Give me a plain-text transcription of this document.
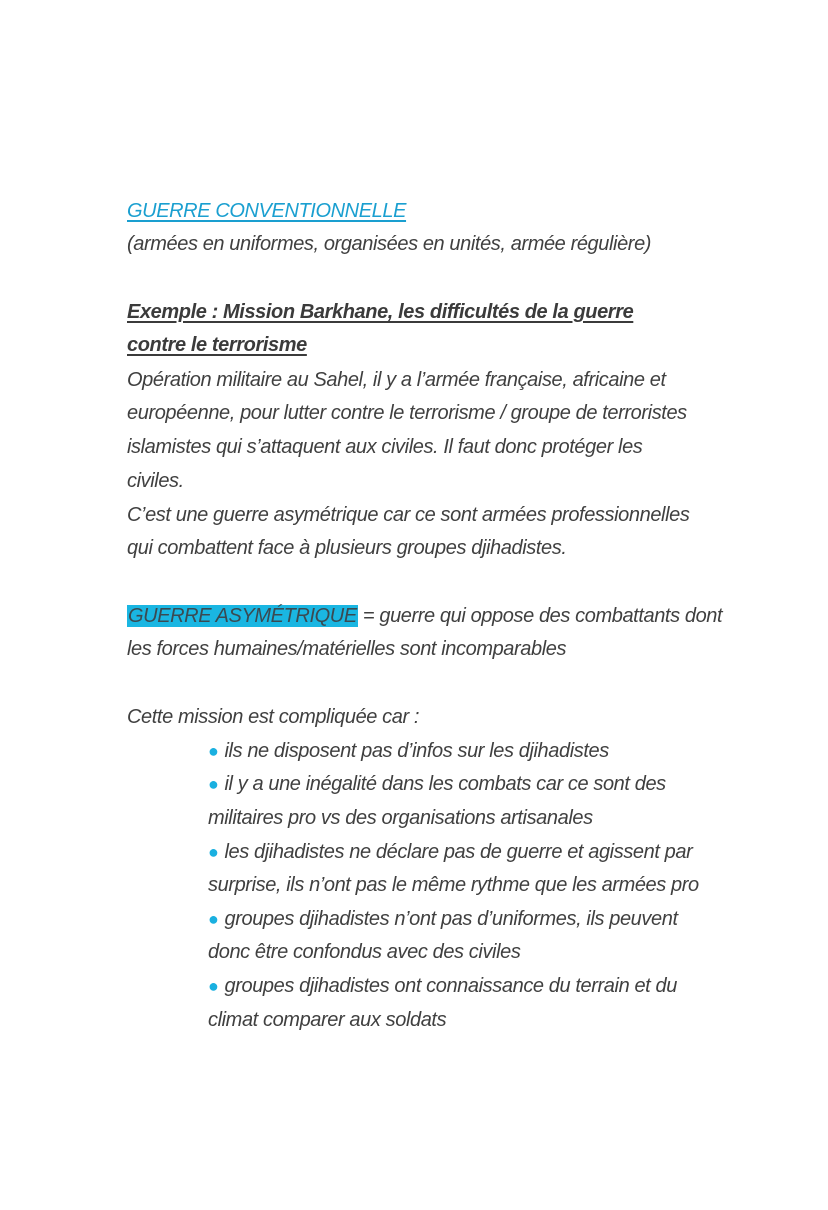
GUERRE CONVENTIONNELLE
(armées en uniformes, organisées en unités, armée régulière)
Exemple : Mission Barkhane, les difficultés de la guerre
contre le terrorisme
Opération militaire au Sahel, il y a l’armée française, africaine et
européenne, pour lutter contre le terrorisme / groupe de terroristes
islamistes qui s’attaquent aux civiles. Il faut donc protéger les
civiles.
C’est une guerre asymétrique car ce sont armées professionnelles
qui combattent face à plusieurs groupes djihadistes.
GUERRE ASYMÉTRIQUE = guerre qui oppose des combattants dont
les forces humaines/matérielles sont incomparables
Cette mission est compliquée car :
● ils ne disposent pas d’infos sur les djihadistes
● il y a une inégalité dans les combats car ce sont des
militaires pro vs des organisations artisanales
● les djihadistes ne déclare pas de guerre et agissent par
surprise, ils n’ont pas le même rythme que les armées pro
● groupes djihadistes n’ont pas d’uniformes, ils peuvent
donc être confondus avec des civiles
● groupes djihadistes ont connaissance du terrain et du
climat comparer aux soldats
